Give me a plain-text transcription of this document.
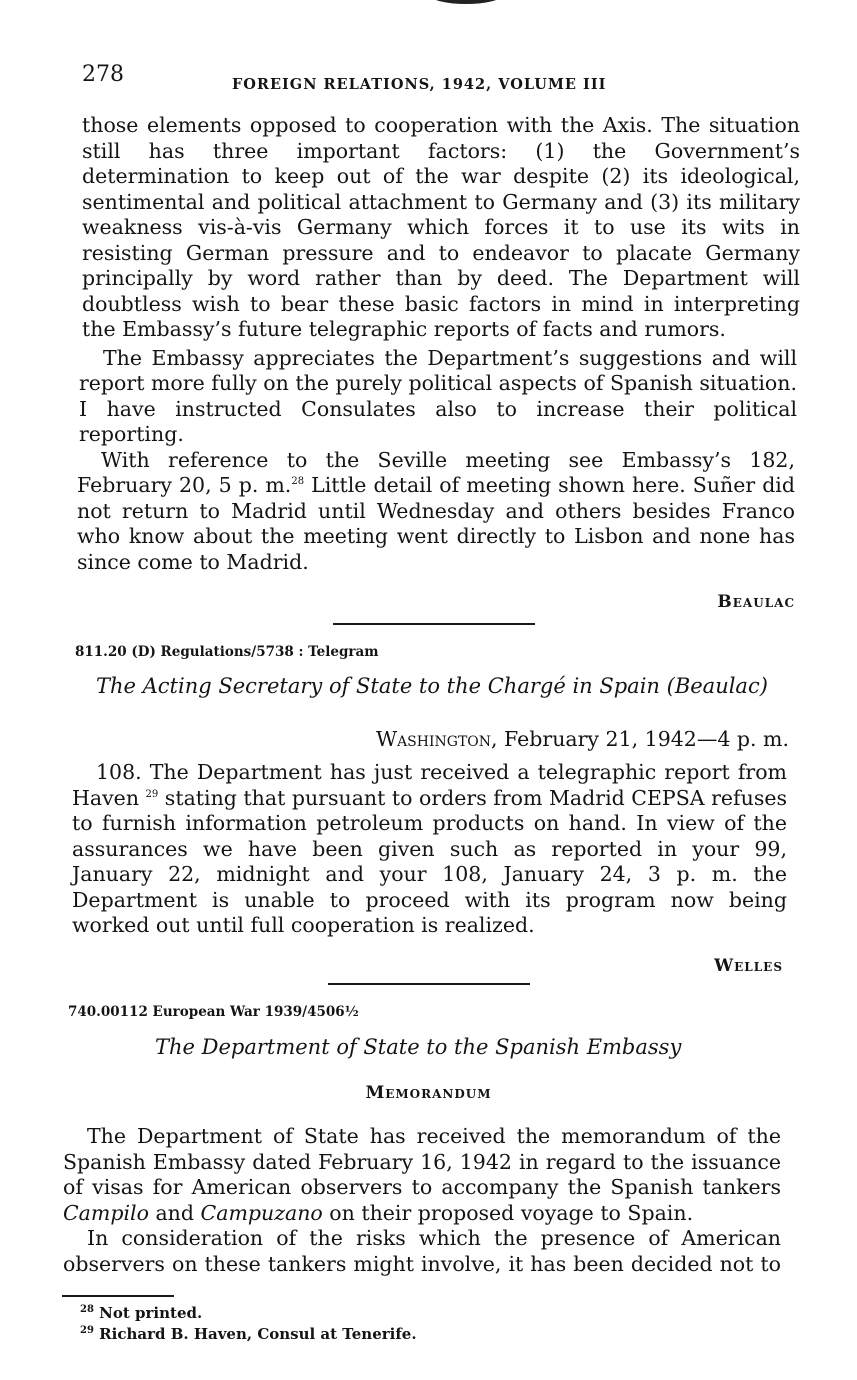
278	FOREIGN RELATIONS, 1942, VOLUME III

those elements opposed to cooperation with the Axis. The situation still has three important factors: (1) the Government’s determination to keep out of the war despite (2) its ideological, sentimental and political attachment to Germany and (3) its military weakness vis-à-vis Germany which forces it to use its wits in resisting German pressure and to endeavor to placate Germany principally by word rather than by deed. The Department will doubtless wish to bear these basic factors in mind in interpreting the Embassy’s future telegraphic reports of facts and rumors.

The Embassy appreciates the Department’s suggestions and will report more fully on the purely political aspects of Spanish situation. I have instructed Consulates also to increase their political reporting.

With reference to the Seville meeting see Embassy’s 182, February 20, 5 p. m.$^{28}$ Little detail of meeting shown here. Suñer did not return to Madrid until Wednesday and others besides Franco who know about the meeting went directly to Lisbon and none has since come to Madrid.

Beaulac
811.20 (D) Regulations/5738 : Telegram
The Acting Secretary of State to the Chargé in Spain (Beaulac)
Washington, February 21, 1942—4 p. m.

108. The Department has just received a telegraphic report from Haven $^{29}$ stating that pursuant to orders from Madrid CEPSA refuses to furnish information petroleum products on hand. In view of the assurances we have been given such as reported in your 99, January 22, midnight and your 108, January 24, 3 p. m. the Department is unable to proceed with its program now being worked out until full cooperation is realized.

Welles
740.00112 European War 1939/4506½
The Department of State to the Spanish Embassy
Memorandum

The Department of State has received the memorandum of the Spanish Embassy dated February 16, 1942 in regard to the issuance of visas for American observers to accompany the Spanish tankers Campilo and Campuzano on their proposed voyage to Spain.

In consideration of the risks which the presence of American observers on these tankers might involve, it has been decided not to

$^{28}$ Not printed.
$^{29}$ Richard B. Haven, Consul at Tenerife.
